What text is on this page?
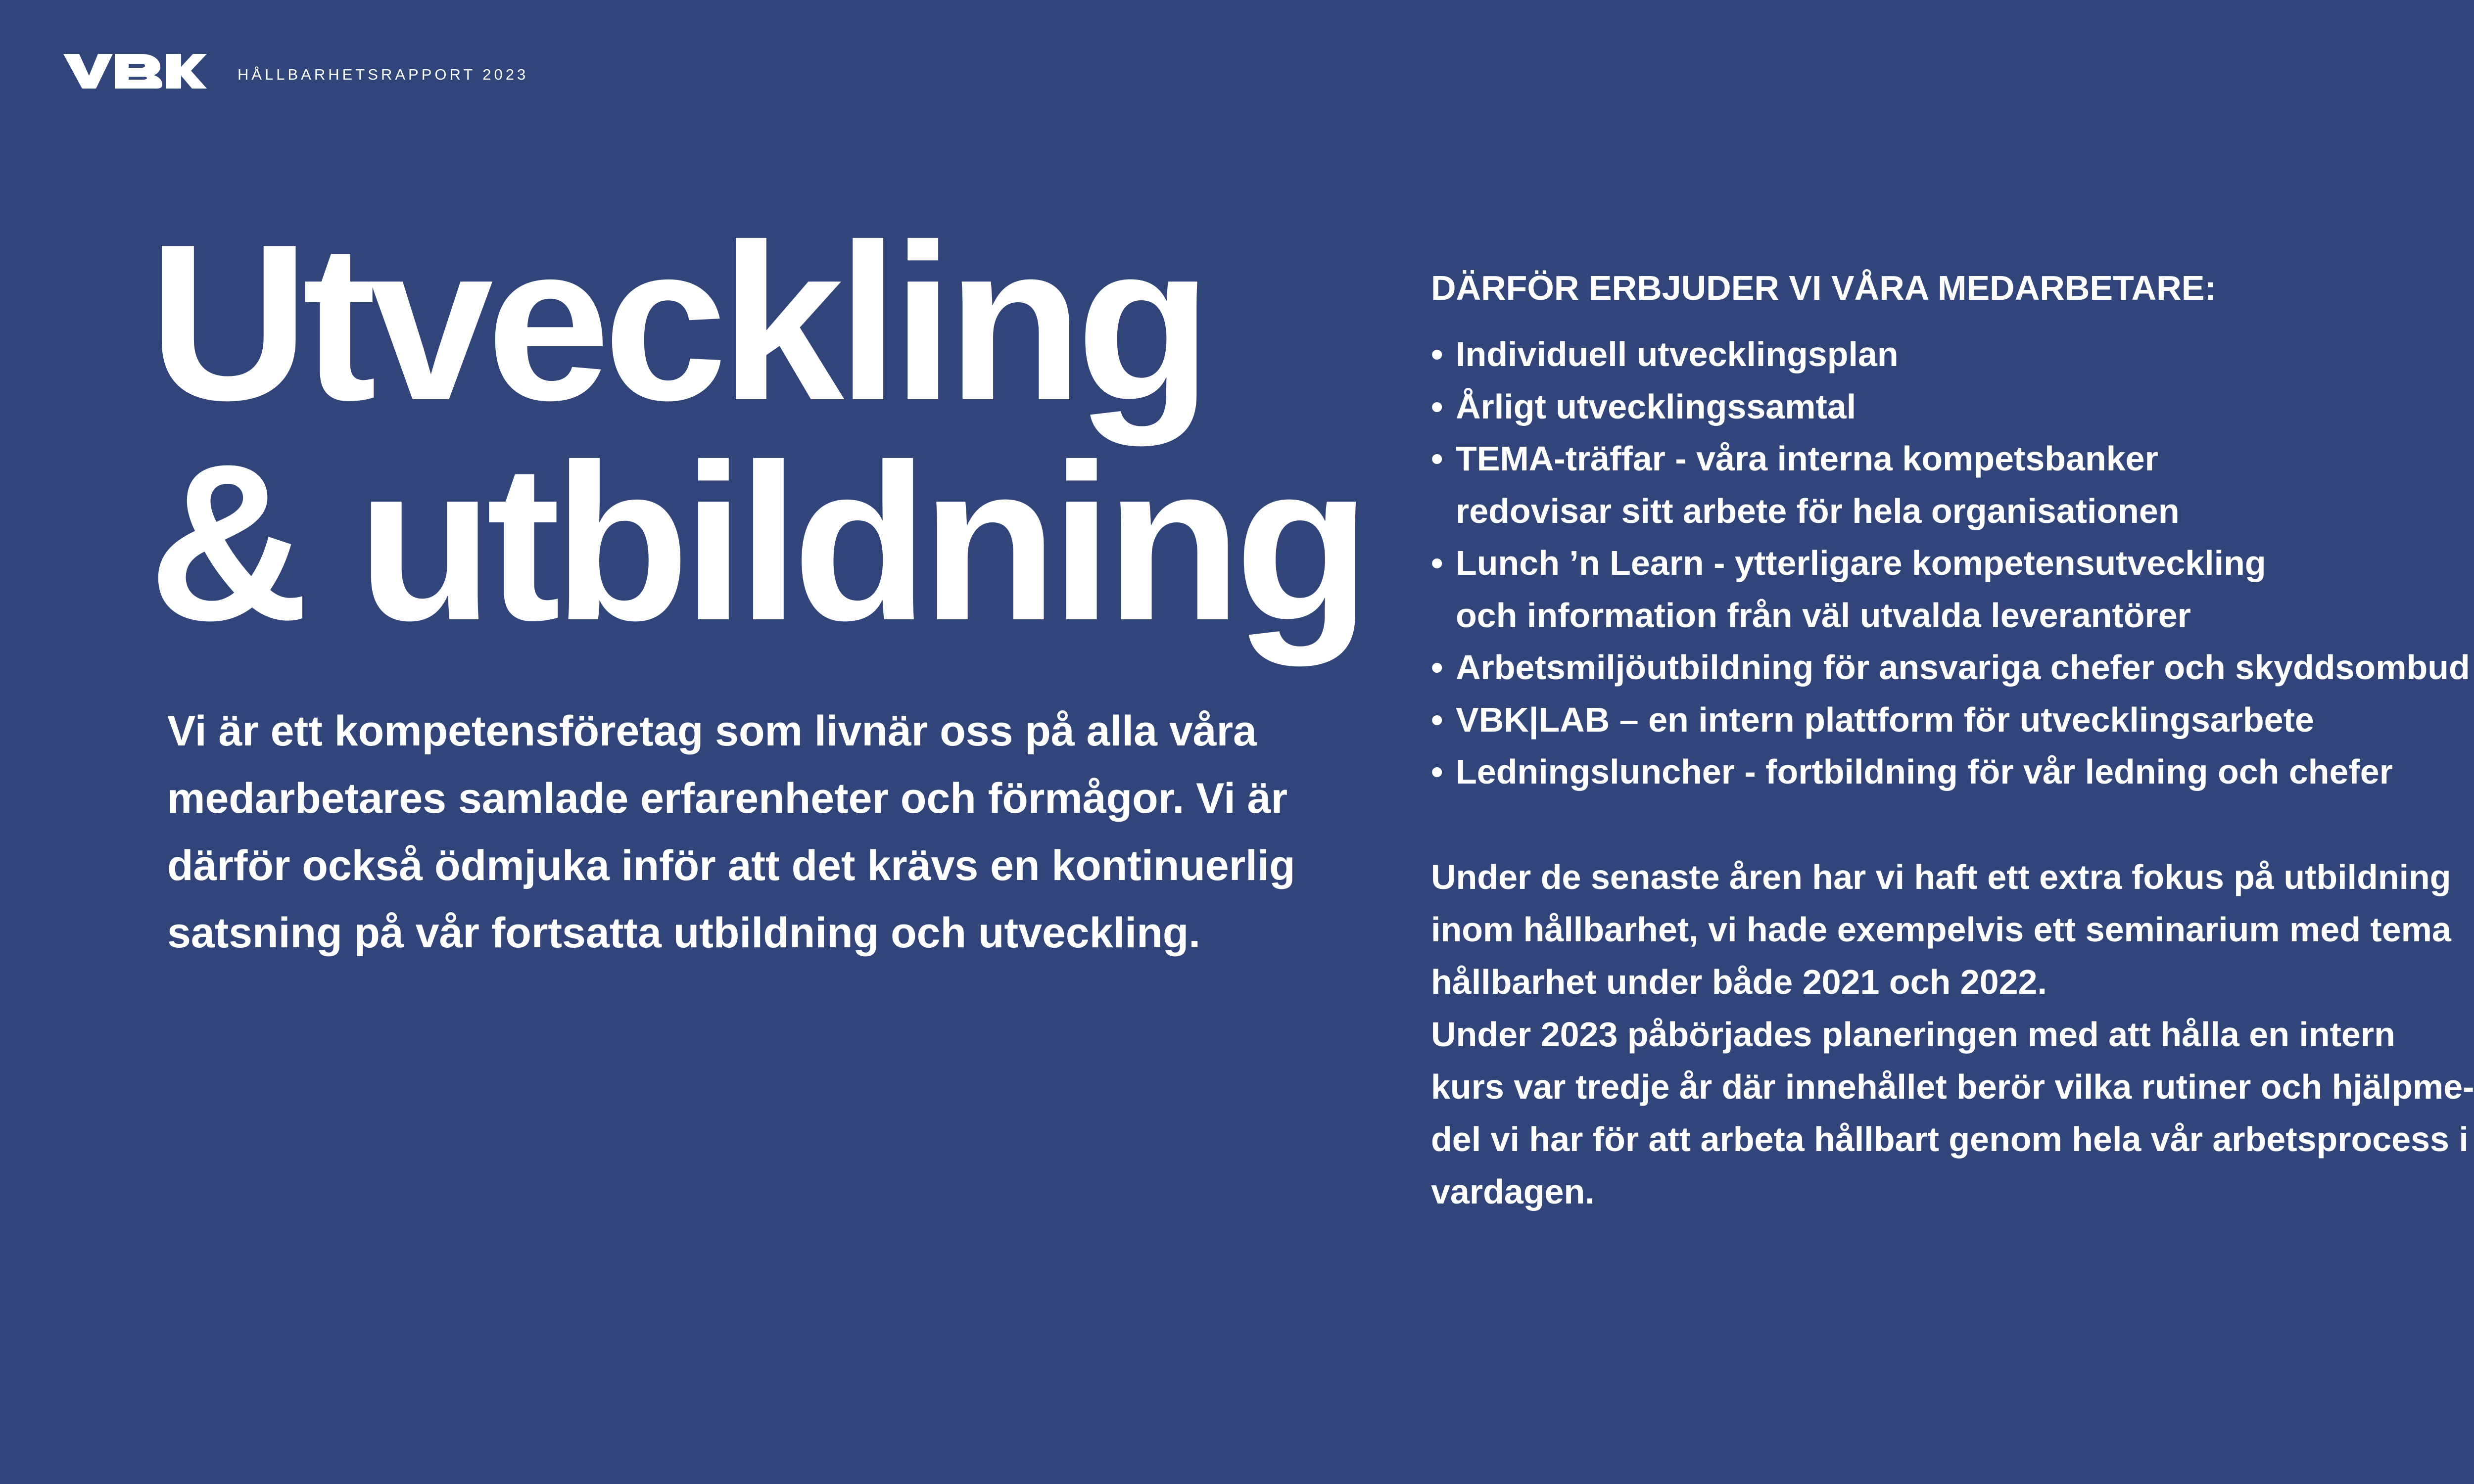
HÅLLBARHETSRAPPORT 2023
Utveckling
& utbildning

Vi är ett kompetensföretag som livnär oss på alla våra medarbetares samlade erfarenheter och förmågor. Vi är därför också ödmjuka inför att det krävs en kontinuerlig satsning på vår fortsatta utbildning och utveckling.

DÄRFÖR ERBJUDER VI VÅRA MEDARBETARE:
• Individuell utvecklingsplan
• Årligt utvecklingssamtal
• TEMA-träffar - våra interna kompetsbanker
redovisar sitt arbete för hela organisationen
• Lunch ’n Learn - ytterligare kompetensutveckling
och information från väl utvalda leverantörer
• Arbetsmiljöutbildning för ansvariga chefer och skyddsombud
• VBK|LAB – en intern plattform för utvecklingsarbete
• Ledningsluncher - fortbildning för vår ledning och chefer

Under de senaste åren har vi haft ett extra fokus på utbildning
inom hållbarhet, vi hade exempelvis ett seminarium med tema
hållbarhet under både 2021 och 2022.

Under 2023 påbörjades planeringen med att hålla en intern
kurs var tredje år där innehållet berör vilka rutiner och hjälpme-
del vi har för att arbeta hållbart genom hela vår arbetsprocess i
vardagen.
